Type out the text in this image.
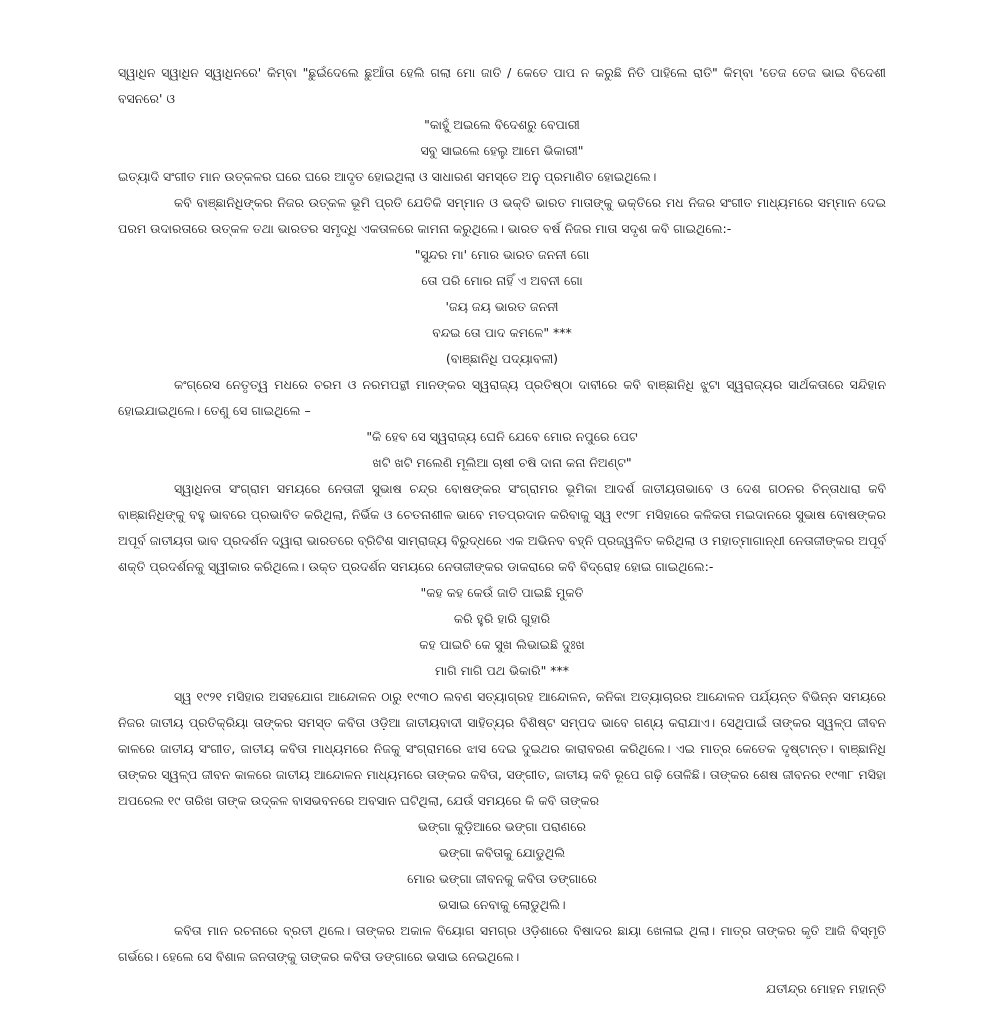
ସ୍ୱାଧିନ ସ୍ୱାଧିନ ସ୍ୱାଧିନରେ' କିମ୍ବା "ଛୁଇଁଦେଲେ ଛୁଆଁତା ହେଲି ଗଲା ମୋ ଜାତି / କେତେ ପାପ ନ କରୁଛି ନିତି ପାହିଲେ ରାତି" କିମ୍ବା 'ତେଜ ତେଜ ଭାଇ ବିଦେଶୀ ବସନରେ' ଓ

"କାହୁଁ ଅଇଲେ ବିଦେଶରୁ ବେପାରୀ

ସବୁ ସାଇଲେ ହେଲୁ ଆମେ ଭିକାରୀ"

ଇତ୍ୟାଦି ସଂଗୀତ ମାନ ଉତ୍କଳର ଘରେ ଘରେ ଆଦୃତ ହୋଇଥିଲା ଓ ସାଧାରଣ ସମସ୍ତେ ଅନୁ ପ୍ରମାଣିତ ହୋଇଥିଲେ।

କବି ବାଞ୍ଛାନିଧିଙ୍କର ନିଜର ଉତ୍କଳ ଭୂମି ପ୍ରତି ଯେତିକି ସମ୍ମାନ ଓ ଭକ୍ତି ଭାରତ ମାତାଙ୍କୁ ଭକ୍ତିରେ ମଧ ନିଜର ସଂଗୀତ ମାଧ୍ୟମରେ ସମ୍ମାନ ଦେଇ ପରମ ଉଦାରତାରେ ଉତ୍କଳ ତଥା ଭାରତର ସମୃଦ୍ଧି ଏକତାଳରେ କାମନା କରୁଥିଲେ। ଭାରତ ବର୍ଷ ନିଜର ମାତା ସଦୃଶ କବି ଗାଇଥିଲେ:-

"ସୁନ୍ଦର ମା' ମୋର ଭାରତ ଜନନୀ ଗୋ

ତୋ ପରି ମୋର ନାହିଁ ଏ ଅବନୀ ଗୋ

'ଜୟ ଜୟ ଭାରତ ଜନନୀ

ବନ୍ଦଇ ତୋ ପାଦ କମଳେ" ***

(ବାଞ୍ଛାନିଧି ପଦ୍ୟାବଳୀ)

କଂଗ୍ରେସ ନେତୃତ୍ୱ ମଧରେ ଚରମ ଓ ନରମପନ୍ଥୀ ମାନଙ୍କର ସ୍ୱରାଜ୍ୟ ପ୍ରତିଷ୍ଠା ଦାବୀରେ କବି ବାଞ୍ଛାନିଧି ଝୁଟା ସ୍ୱରାଜ୍ୟର ସାର୍ଥକତାରେ ସନ୍ଦିହାନ ହୋଇଯାଇଥିଲେ। ତେଣୁ ସେ ଗାଇଥିଲେ –

"କି ହେବ ସେ ସ୍ୱରାଜ୍ୟ ଘେନି ଯେବେ ମୋର ନପୁରେ ପେଟ

ଖଟି ଖଟି ମଲେଣି ମୂଲିଆ ଚାଷୀ ଚଷି ଦାନା କନା ନିଅଣ୍ଟ"

ସ୍ୱାଧିନତା ସଂଗ୍ରାମ ସମୟରେ ନେତାଜୀ ସୁଭାଷ ଚନ୍ଦ୍ର ବୋଷଙ୍କର ସଂଗ୍ରାମର ଭୂମିକା ଆଦର୍ଶ ଜାତୀୟତାଭାବେ ଓ ଦେଶ ଗଠନର ଚିନ୍ତାଧାରା କବି ବାଞ୍ଛାନିଧିଙ୍କୁ ବହୁ ଭାବରେ ପ୍ରଭାବିତ କରିଥିଲା, ନିର୍ଭିକ ଓ ଚେତନାଶୀଳ ଭାବେ ମତପ୍ରଦାନ କରିବାକୁ ସ୍ୱ ୧୯୨୮ ମସିହାରେ କଳିକତା ମଇଦାନରେ ସୁଭାଷ ବୋଷଙ୍କର ଅପୂର୍ବ ଜାତୀୟତା ଭାବ ପ୍ରଦର୍ଶନ ଦ୍ୱାରା ଭାରତରେ ବ୍ରିଟିଶ ସାମ୍ରାଜ୍ୟ ବିରୁଦ୍ଧରେ ଏକ ଅଭିନବ ବହ୍ନି ପ୍ରଜ୍ୱଳିତ କରିଥିଲା ଓ ମହାତ୍ମାଗାନ୍ଧୀ ନେତାଜୀଙ୍କର ଅପୂର୍ବ ଶକ୍ତି ପ୍ରଦର୍ଶନକୁ ସ୍ୱୀକାର କରିଥିଲେ। ଉକ୍ତ ପ୍ରଦର୍ଶନ ସମୟରେ ନେତାଜୀଙ୍କର ଡାକରାରେ କବି ବିଦ୍ରୋହ ହୋଇ ଗାଇଥିଲେ:-

"କହ କହ କେଉଁ ଜାତି ପାଇଛି ମୁକତି

କରି ହୁରି ହାରି ଗୁହାରି

କହ ପାଇଚି କେ ସୁଖ ଲିଭାଇଛି ଦୁଃଖ

ମାଗି ମାଗି ପଥ ଭିକାରି" ***

ସ୍ୱ ୧୯୨୧ ମସିହାର ଅସହଯୋଗ ଆନ୍ଦୋଳନ ଠାରୁ ୧୯୩୦ ଲବଣ ସତ୍ୟାଗ୍ରହ ଆନ୍ଦୋଳନ, କନିକା ଅତ୍ୟାଚାରର ଆନ୍ଦୋଳନ ପର୍ଯ୍ୟନ୍ତ ବିଭିନ୍ନ ସମୟରେ ନିଜର ଜାତୀୟ ପ୍ରତିକ୍ରିୟା ତାଙ୍କର ସମସ୍ତ କବିତା ଓଡ଼ିଆ ଜାତୀୟବାଦୀ ସାହିତ୍ୟର ବିଶିଷ୍ଟ ସମ୍ପଦ ଭାବେ ଗଣ୍ୟ କରାଯାଏ। ସେଥିପାଇଁ ତାଙ୍କର ସ୍ୱଳ୍ପ ଜୀବନ କାଳରେ ଜାତୀୟ ସଂଗୀତ, ଜାତୀୟ କବିତା ମାଧ୍ୟମରେ ନିଜକୁ ସଂଗ୍ରାମରେ ଝାସ ଦେଇ ଦୁଇଥର କାରାବରଣ କରିଥିଲେ। ଏଇ ମାତ୍ର କେତେକ ଦୃଷ୍ଟାନ୍ତ। ବାଞ୍ଛାନିଧି ତାଙ୍କର ସ୍ୱଳ୍ପ ଜୀବନ କାଳରେ ଜାତୀୟ ଆନ୍ଦୋଳନ ମାଧ୍ୟମରେ ତାଙ୍କର କବିତା, ସଙ୍ଗୀତ, ଜାତୀୟ କବି ରୂପେ ଗଢ଼ି ତୋଳିଛି। ତାଙ୍କର ଶେଷ ଜୀବନର ୧୯୩୮ ମସିହା ଅପରେଲ ୧୯ ତାରିଖ ତାଙ୍କ ଉଦ୍‌କଳ ବାସଭବନରେ ଅବସାନ ଘଟିଥିଲା, ଯେଉଁ ସମୟରେ କି କବି ତାଙ୍କର

ଭଙ୍ଗା କୁଡ଼ିଆରେ ଭଙ୍ଗା ପରାଣରେ

ଭଙ୍ଗା କବିତାକୁ ଯୋଡୁଥିଲି

ମୋର ଭଙ୍ଗା ଜୀବନକୁ କବିତା ଡଙ୍ଗାରେ

ଭସାଇ ନେବାକୁ ଲୋଡୁଥିଲି।

କବିତା ମାନ ରଚନାରେ ବ୍ରତୀ ଥିଲେ। ତାଙ୍କର ଅକାଳ ବିୟୋଗ ସମଗ୍ର ଓଡ଼ିଶାରେ ବିଷାଦର ଛାୟା ଖେଳାଇ ଥିଲା। ମାତ୍ର ତାଙ୍କର କୃତି ଆଜି ବିସ୍ମୃତି ଗର୍ଭରେ। ହେଲେ ସେ ବିଶାଳ ଜନତାଙ୍କୁ ତାଙ୍କର କବିତା ଡଙ୍ଗାରେ ଭସାଇ ନେଇଥିଲେ।

ଯତୀନ୍ଦ୍ର ମୋହନ ମହାନ୍ତି
